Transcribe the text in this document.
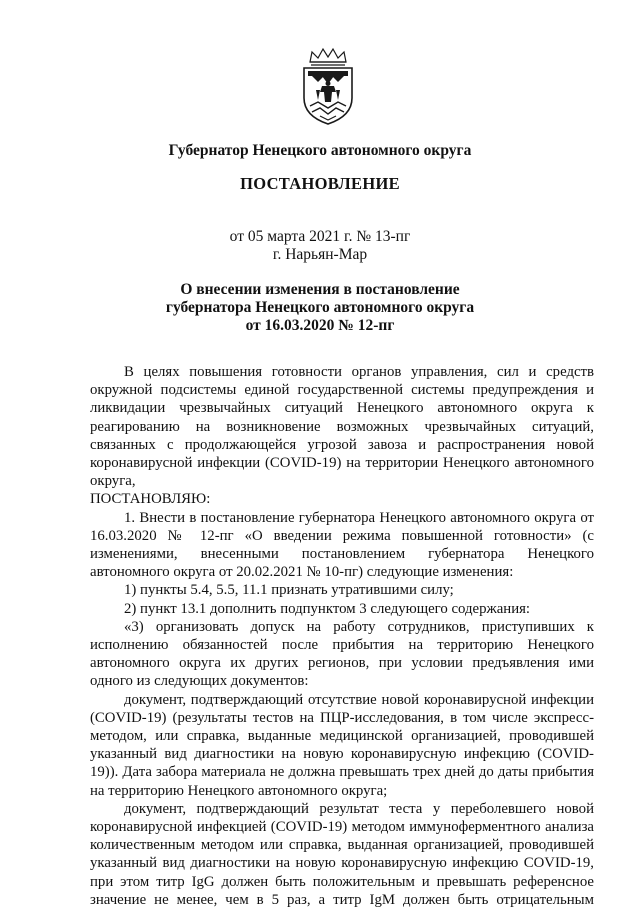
Губернатор Ненецкого автономного округа
ПОСТАНОВЛЕНИЕ
от 05 марта 2021 г. № 13-пг
г. Нарьян-Мар
О внесении изменения в постановление
губернатора Ненецкого автономного округа
от 16.03.2020 № 12-пг

В целях повышения готовности органов управления, сил и средств окружной подсистемы единой государственной системы предупреждения и ликвидации чрезвычайных ситуаций Ненецкого автономного округа к реагированию на возникновение возможных чрезвычайных ситуаций, связанных с продолжающейся угрозой завоза и распространения новой коронавирусной инфекции (COVID-19) на территории Ненецкого автономного округа,

ПОСТАНОВЛЯЮ:

1. Внести в постановление губернатора Ненецкого автономного округа от 16.03.2020 № 12-пг «О введении режима повышенной готовности» (с изменениями, внесенными постановлением губернатора Ненецкого автономного округа от 20.02.2021 № 10-пг) следующие изменения:

1) пункты 5.4, 5.5, 11.1 признать утратившими силу;

2) пункт 13.1 дополнить подпунктом 3 следующего содержания:

«3) организовать допуск на работу сотрудников, приступивших к исполнению обязанностей после прибытия на территорию Ненецкого автономного округа их других регионов, при условии предъявления ими одного из следующих документов:

документ, подтверждающий отсутствие новой коронавирусной инфекции (COVID-19) (результаты тестов на ПЦР-исследования, в том числе экспресс-методом, или справка, выданные медицинской организацией, проводившей указанный вид диагностики на новую коронавирусную инфекцию (COVID-19)). Дата забора материала не должна превышать трех дней до даты прибытия на территорию Ненецкого автономного округа;

документ, подтверждающий результат теста у переболевшего новой коронавирусной инфекцией (COVID-19) методом иммуноферментного анализа количественным методом или справка, выданная организацией, проводившей указанный вид диагностики на новую коронавирусную инфекцию COVID-19, при этом титр IgG должен быть положительным и превышать референсное значение не менее, чем в 5 раз, а титр IgM должен быть отрицательным
